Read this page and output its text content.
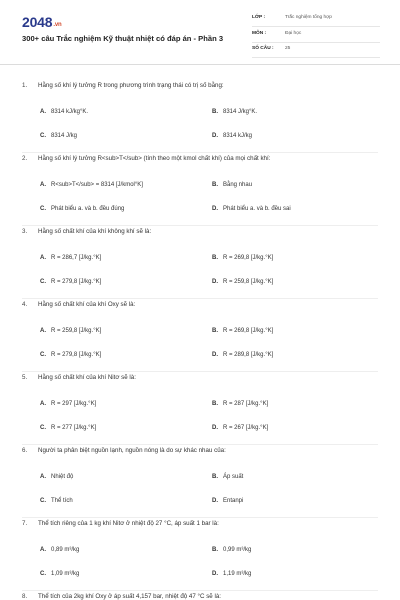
2048.vn
300+ câu Trắc nghiệm Kỹ thuật nhiệt có đáp án - Phần 3
LỚP :	Trắc nghiệm tổng hợp
MÔN :	Đại học
SỐ CÂU : 25
1. Hằng số khí lý tưởng R trong phương trình trạng thái có trị số bằng:
A. 8314 kJ/kg°K.	B. 8314 J/kg°K.
C. 8314 J/kg	D. 8314 kJ/kg
2. Hằng số khí lý tưởng R<sub>T</sub> (tính theo một kmol chất khí) của mọi chất khí:
A. R<sub>T</sub> = 8314 [J/kmol°K]	B. Bằng nhau
C. Phát biểu a. và b. đều đúng	D. Phát biểu a. và b. đều sai
3. Hằng số chất khí của khí không khí sẽ là:
A. R = 286,7 [J/kg.°K]	B. R = 269,8 [J/kg.°K]
C. R = 279,8 [J/kg.°K]	D. R = 259,8 [J/kg.°K]
4. Hằng số chất khí của khí Oxy sẽ là:
A. R = 259,8 [J/kg.°K]	B. R = 269,8 [J/kg.°K]
C. R = 279,8 [J/kg.°K]	D. R = 289,8 [J/kg.°K]
5. Hằng số chất khí của khí Nitơ sẽ là:
A. R = 297 [J/kg.°K]	B. R = 287 [J/kg.°K]
C. R = 277 [J/kg.°K]	D. R = 267 [J/kg.°K]
6. Người ta phân biệt nguồn lạnh, nguồn nóng là do sự khác nhau của:
A. Nhiệt độ	B. Áp suất
C. Thể tích	D. Entanpi
7. Thể tích riêng của 1 kg khí Nitơ ở nhiệt độ 27 °C, áp suất 1 bar là:
A. 0,89 m³/kg	B. 0,99 m³/kg
C. 1,09 m³/kg	D. 1,19 m³/kg
8. Thể tích của 2kg khí Oxy ở áp suất 4,157 bar, nhiệt độ 47 °C sẽ là:
